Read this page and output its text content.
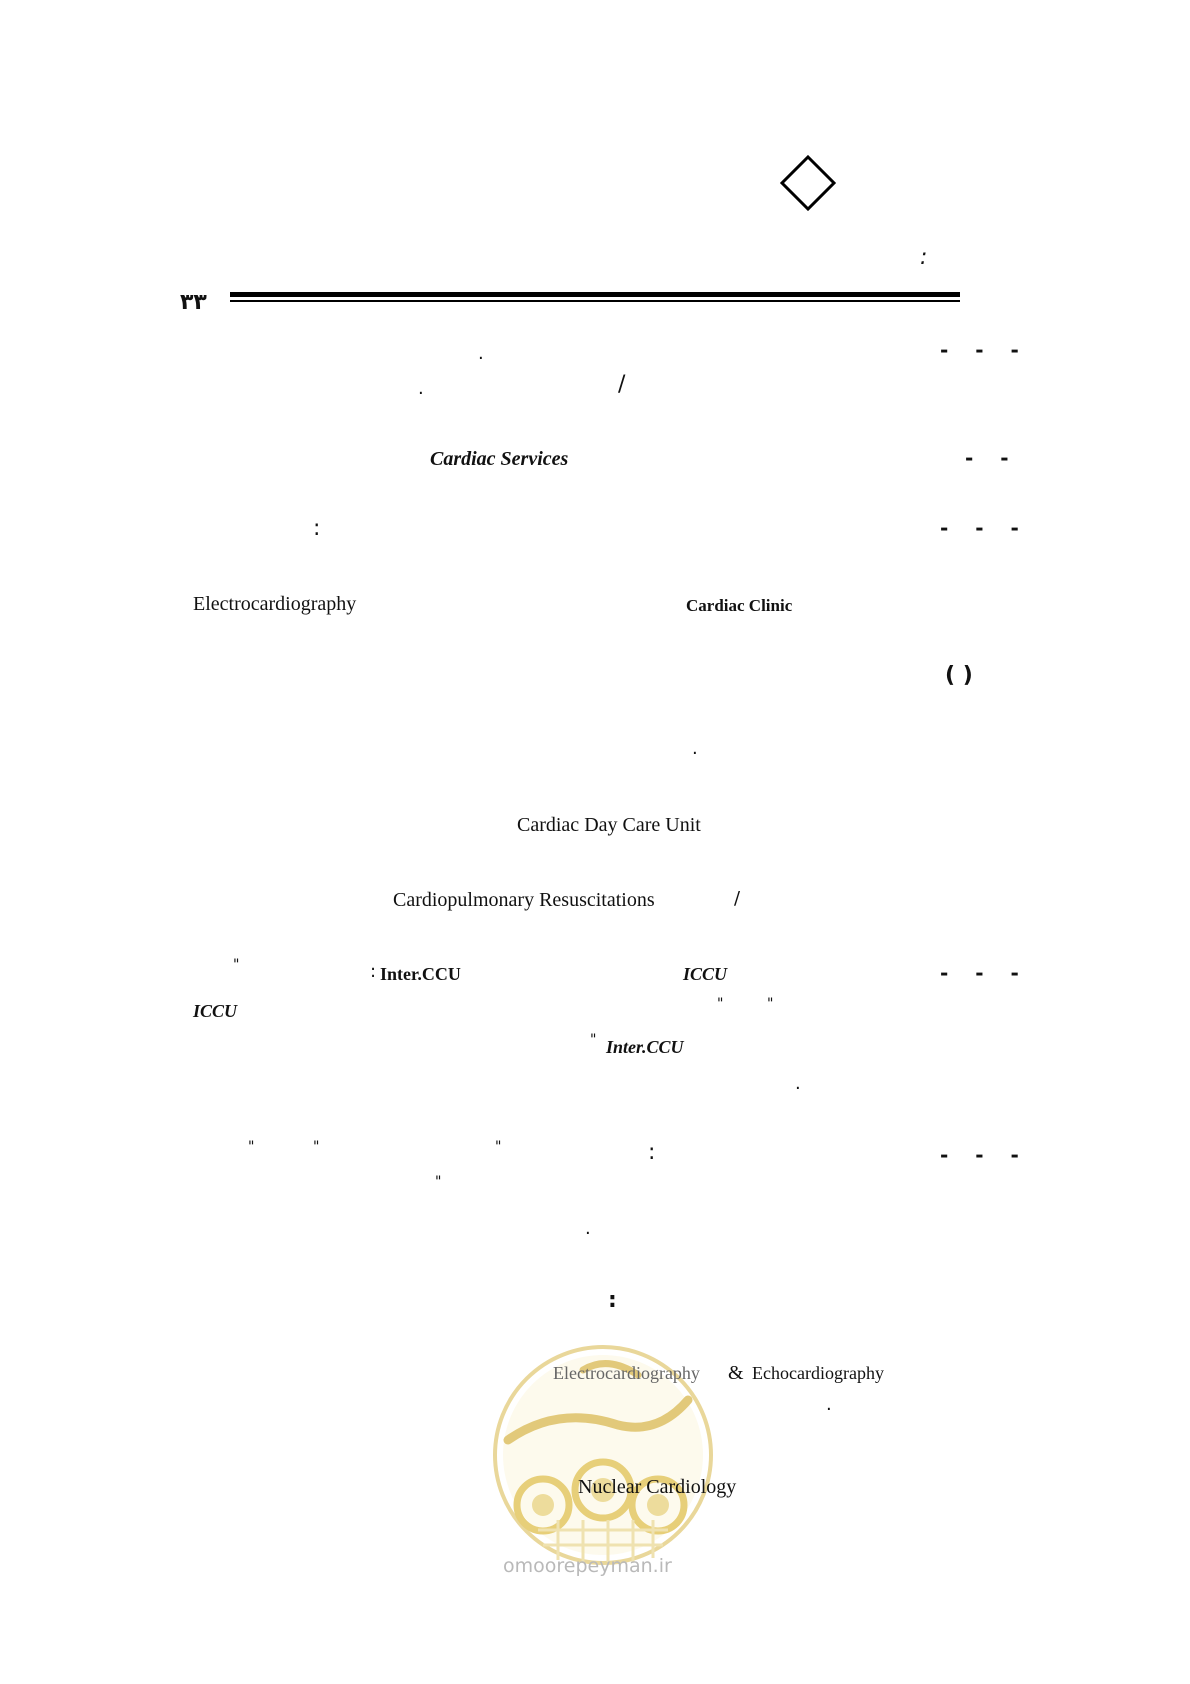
:
۳۳
- - -
.
/
.
- -
Cardiac Services
- - -
:
Electrocardiography	Cardiac Clinic
( )
.
Cardiac Day Care Unit
Cardiopulmonary Resuscitations	/
- - -
"	: Inter.CCU	ICCU
ICCU	"	"
" Inter.CCU
.
- - -
"	"	"	:
"
.
:
omoorepeyman.ir
Electrocardiography & Echocardiography
.
Nuclear Cardiology
